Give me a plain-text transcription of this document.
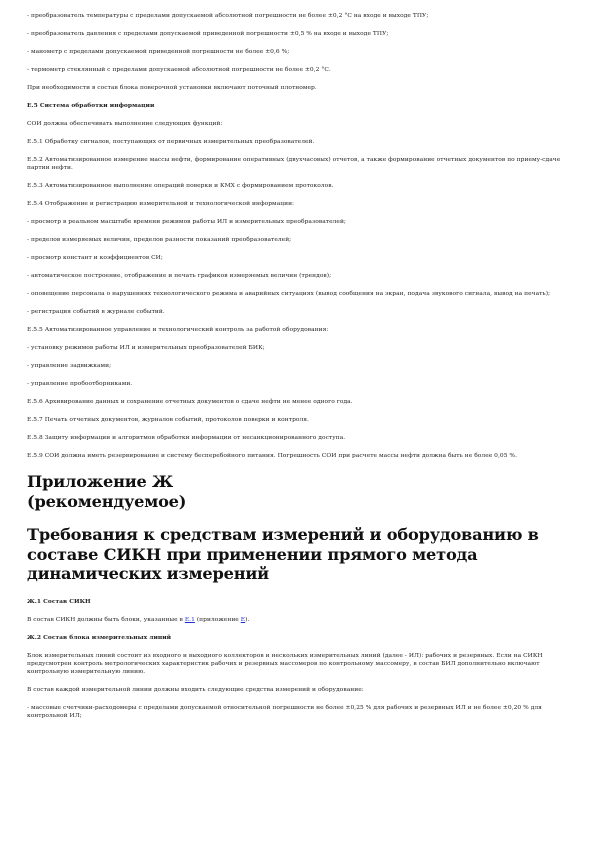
- преобразователь температуры с пределами допускаемой абсолютной погрешности не более ±0,2 °С на входе и выходе ТПУ;

- преобразователь давления с пределами допускаемой приведенной погрешности ±0,5 % на входе и выходе ТПУ;

- манометр с пределами допускаемой приведенной погрешности не более ±0,6 %;

- термометр стеклянный с пределами допускаемой абсолютной погрешности не более ±0,2 °С.

При необходимости в состав блока поверочной установки включают поточный плотномер.

Е.5 Система обработки информации

СОИ должна обеспечивать выполнение следующих функций:

Е.5.1 Обработку сигналов, поступающих от первичных измерительных преобразователей.

Е.5.2 Автоматизированное измерение массы нефти, формирование оперативных (двухчасовых) отчетов, а также формирование отчетных документов по приему-сдаче партии нефти.

Е.5.3 Автоматизированное выполнение операций поверки и КМХ с формированием протоколов.

Е.5.4 Отображение и регистрацию измерительной и технологической информации:

- просмотр в реальном масштабе времени режимов работы ИЛ и измерительных преобразователей;

- пределов измеряемых величин, пределов разности показаний преобразователей;

- просмотр констант и коэффициентов СИ;

- автоматическое построение, отображение и печать графиков измеряемых величин (трендов);

- оповещение персонала о нарушениях технологического режима и аварийных ситуациях (вывод сообщения на экран, подача звукового сигнала, вывод на печать);

- регистрация событий в журнале событий.

Е.5.5 Автоматизированное управление и технологический контроль за работой оборудования:

- установку режимов работы ИЛ и измерительных преобразователей БИК;

- управление задвижками;

- управление пробоотборниками.

Е.5.6 Архивирование данных и сохранение отчетных документов о сдаче нефти не менее одного года.

Е.5.7 Печать отчетных документов, журналов событий, протоколов поверки и контроля.

Е.5.8 Защиту информации и алгоритмов обработки информации от несанкционированного доступа.

Е.5.9 СОИ должна иметь резервирование и систему бесперебойного питания. Погрешность СОИ при расчете массы нефти должна быть не более 0,05 %.

Приложение Ж
(рекомендуемое)
Требования к средствам измерений и оборудованию в составе СИКН при применении прямого метода динамических измерений

Ж.1 Состав СИКН

В состав СИКН должны быть блоки, указанные в Е.1 (приложение Е).

Ж.2 Состав блока измерительных линий

Блок измерительных линий состоит из входного и выходного коллекторов и нескольких измерительных линий (далее - ИЛ): рабочих и резервных. Если на СИКН предусмотрен контроль метрологических характеристик рабочих и резервных массомеров по контрольному массомеру, в состав БИЛ дополнительно включают контрольную измерительную линию.

В состав каждой измерительной линии должны входить следующие средства измерений и оборудование:

- массовые счетчики-расходомеры с пределами допускаемой относительной погрешности не более ±0,25 % для рабочих и резервных ИЛ и не более ±0,20 % для контрольной ИЛ;
